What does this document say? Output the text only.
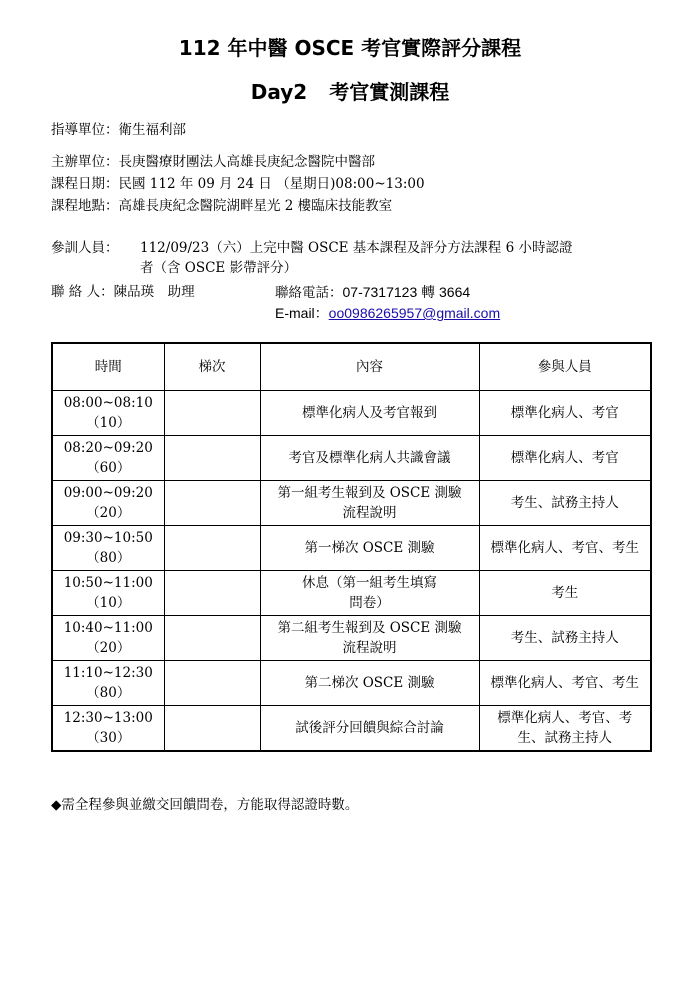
112 年中醫 OSCE 考官實際評分課程
Day2 考官實測課程
指導單位：衛生福利部
主辦單位：長庚醫療財團法人高雄長庚紀念醫院中醫部
課程日期：民國 112 年 09 月 24 日 （星期日)08:00~13:00
課程地點：高雄長庚紀念醫院湖畔星光 2 樓臨床技能教室
參訓人員： 112/09/23（六）上完中醫 OSCE 基本課程及評分方法課程 6 小時認證
者（含 OSCE 影帶評分）
聯 絡 人：陳品瑛　助理	聯絡電話：07-7317123 轉 3664
E-mail：oo0986265957@gmail.com
時間	梯次	內容	參與人員

08:00~08:10
（10）		標準化病人及考官報到	標準化病人、考官

08:20~09:20
（60）		考官及標準化病人共識會議	標準化病人、考官

09:00~09:20
（20）		第一組考生報到及 OSCE 測驗流程說明	考生、試務主持人

09:30~10:50
（80）		第一梯次 OSCE 測驗	標準化病人、考官、考生

10:50~11:00
（10）		休息（第一組考生填寫問卷）	考生

10:40~11:00
（20）		第二組考生報到及 OSCE 測驗流程說明	考生、試務主持人

11:10~12:30
（80）		第二梯次 OSCE 測驗	標準化病人、考官、考生

12:30~13:00
（30）		試後評分回饋與綜合討論	標準化病人、考官、考生、試務主持人
◆需全程參與並繳交回饋問卷，方能取得認證時數。
